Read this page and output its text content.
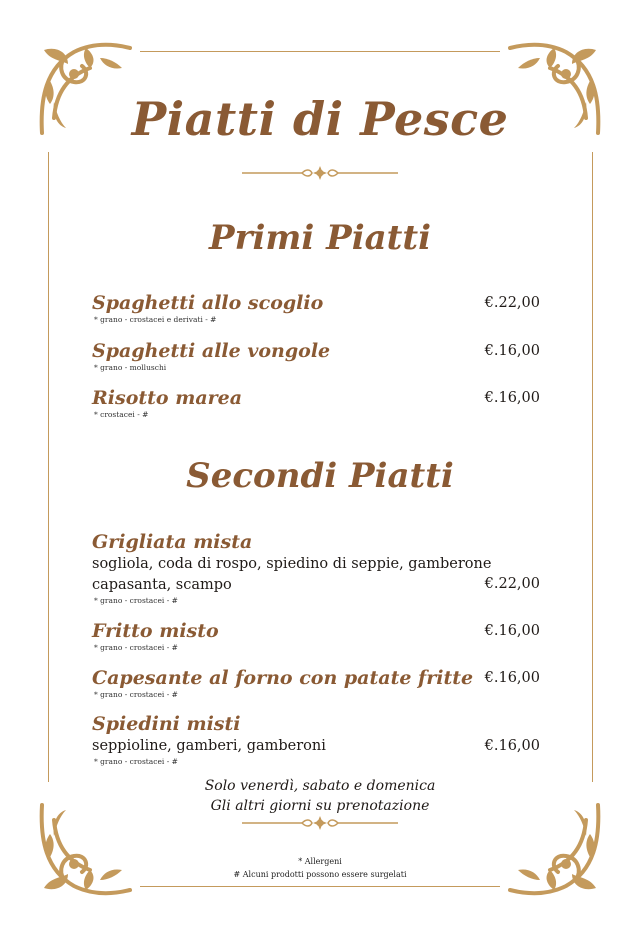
Piatti di Pesce
Primi Piatti
Spaghetti allo scoglio
* grano - crostacei e derivati - #
€.22,00
Spaghetti alle vongole
* grano - molluschi
€.16,00
Risotto marea
* crostacei - #
€.16,00
Secondi Piatti
Grigliata mista
sogliola, coda di rospo, spiedino di seppie, gamberone
capasanta, scampo
* grano - crostacei - #
€.22,00
Fritto misto
* grano - crostacei - #
€.16,00
Capesante al forno con patate fritte
* grano - crostacei - #
€.16,00
Spiedini misti
seppioline, gamberi, gamberoni
* grano - crostacei - #
€.16,00
Solo venerdì, sabato e domenica
Gli altri giorni su prenotazione
* Allergeni
# Alcuni prodotti possono essere surgelati
